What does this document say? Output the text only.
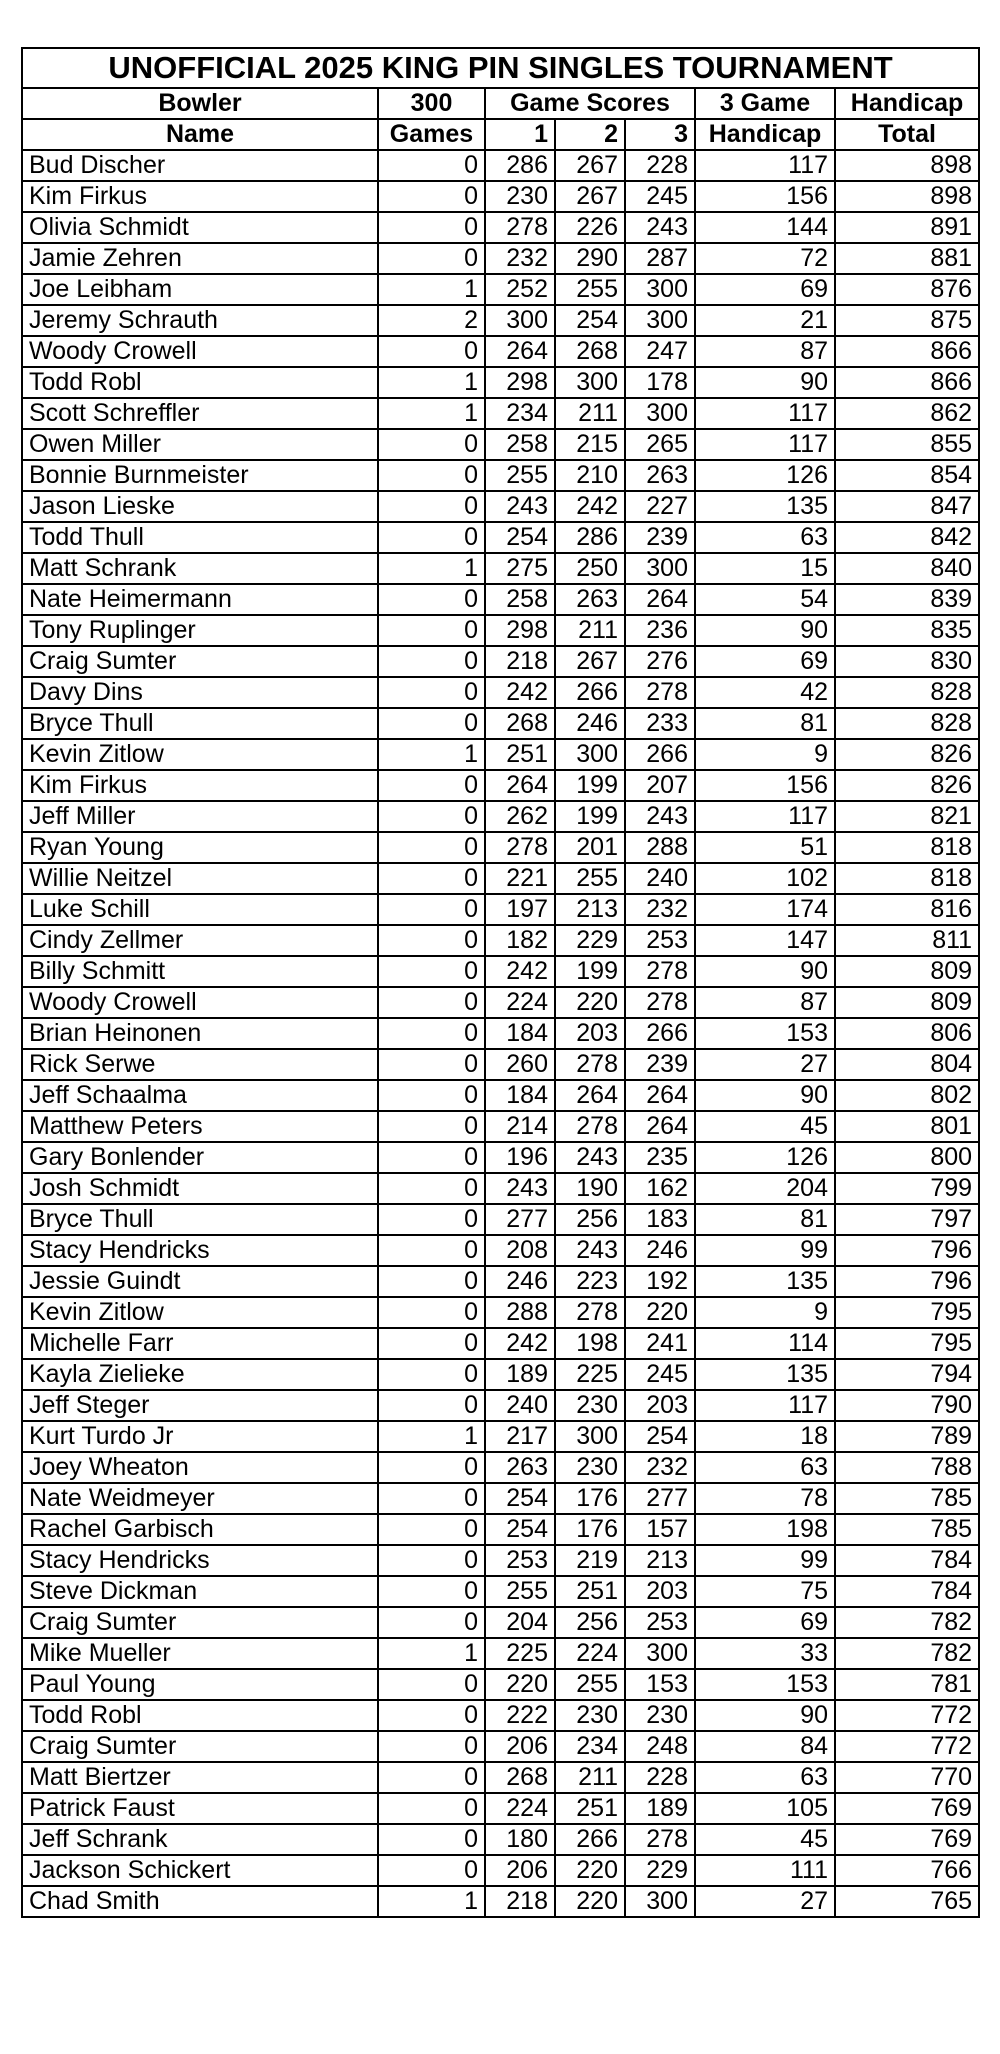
UNOFFICIAL 2025 KING PIN SINGLES TOURNAMENT						
Bowler	300	Game Scores			3 Game	Handicap
Name	Games	1	2	3	Handicap	Total
Bud Discher	0	286	267	228	117	898
Kim Firkus	0	230	267	245	156	898
Olivia Schmidt	0	278	226	243	144	891
Jamie Zehren	0	232	290	287	72	881
Joe Leibham	1	252	255	300	69	876
Jeremy Schrauth	2	300	254	300	21	875
Woody Crowell	0	264	268	247	87	866
Todd Robl	1	298	300	178	90	866
Scott Schreffler	1	234	211	300	117	862
Owen Miller	0	258	215	265	117	855
Bonnie Burnmeister	0	255	210	263	126	854
Jason Lieske	0	243	242	227	135	847
Todd Thull	0	254	286	239	63	842
Matt Schrank	1	275	250	300	15	840
Nate Heimermann	0	258	263	264	54	839
Tony Ruplinger	0	298	211	236	90	835
Craig Sumter	0	218	267	276	69	830
Davy Dins	0	242	266	278	42	828
Bryce Thull	0	268	246	233	81	828
Kevin Zitlow	1	251	300	266	9	826
Kim Firkus	0	264	199	207	156	826
Jeff Miller	0	262	199	243	117	821
Ryan Young	0	278	201	288	51	818
Willie Neitzel	0	221	255	240	102	818
Luke Schill	0	197	213	232	174	816
Cindy Zellmer	0	182	229	253	147	811
Billy Schmitt	0	242	199	278	90	809
Woody Crowell	0	224	220	278	87	809
Brian Heinonen	0	184	203	266	153	806
Rick Serwe	0	260	278	239	27	804
Jeff Schaalma	0	184	264	264	90	802
Matthew Peters	0	214	278	264	45	801
Gary Bonlender	0	196	243	235	126	800
Josh Schmidt	0	243	190	162	204	799
Bryce Thull	0	277	256	183	81	797
Stacy Hendricks	0	208	243	246	99	796
Jessie Guindt	0	246	223	192	135	796
Kevin Zitlow	0	288	278	220	9	795
Michelle Farr	0	242	198	241	114	795
Kayla Zielieke	0	189	225	245	135	794
Jeff Steger	0	240	230	203	117	790
Kurt Turdo Jr	1	217	300	254	18	789
Joey Wheaton	0	263	230	232	63	788
Nate Weidmeyer	0	254	176	277	78	785
Rachel Garbisch	0	254	176	157	198	785
Stacy Hendricks	0	253	219	213	99	784
Steve Dickman	0	255	251	203	75	784
Craig Sumter	0	204	256	253	69	782
Mike Mueller	1	225	224	300	33	782
Paul Young	0	220	255	153	153	781
Todd Robl	0	222	230	230	90	772
Craig Sumter	0	206	234	248	84	772
Matt Biertzer	0	268	211	228	63	770
Patrick Faust	0	224	251	189	105	769
Jeff Schrank	0	180	266	278	45	769
Jackson Schickert	0	206	220	229	111	766
Chad Smith	1	218	220	300	27	765
